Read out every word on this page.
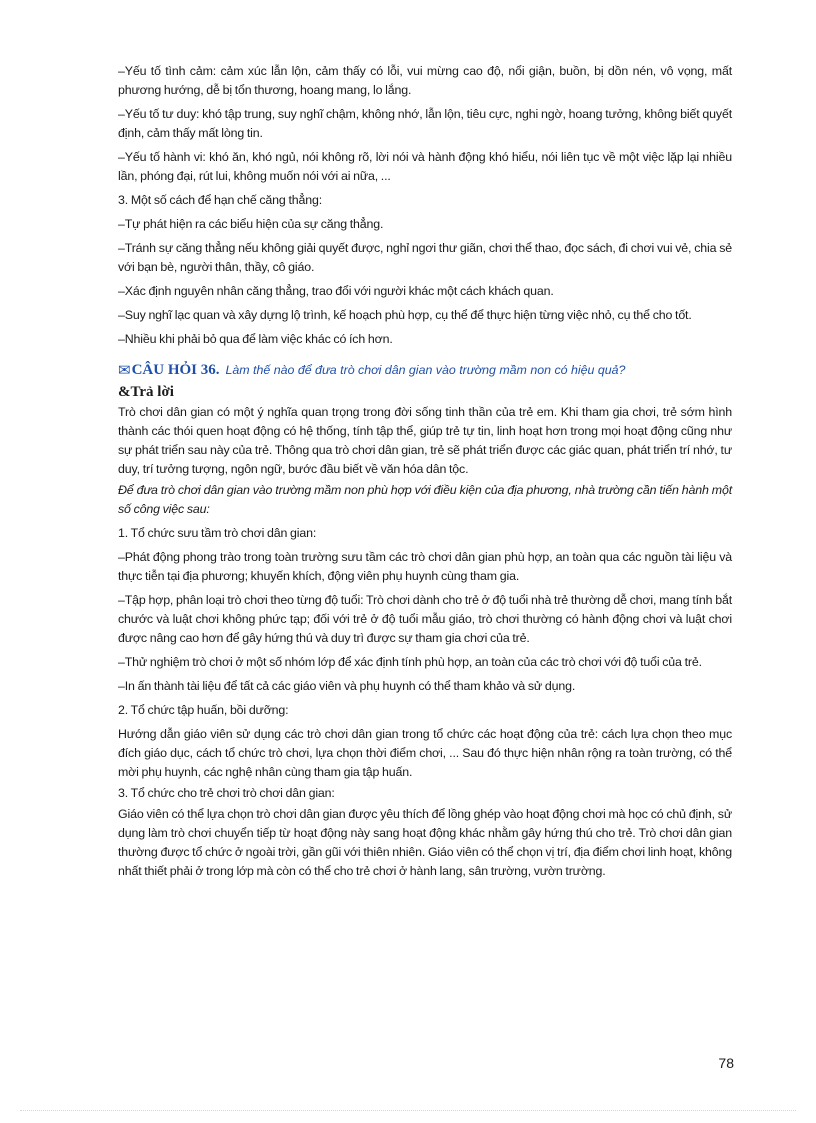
– Yếu tố tình cảm: cảm xúc lẫn lộn, cảm thấy có lỗi, vui mừng cao độ, nổi giận, buồn, bị dồn nén, vô vọng, mất phương hướng, dễ bị tổn thương, hoang mang, lo lắng.

– Yếu tố tư duy: khó tập trung, suy nghĩ chậm, không nhớ, lẫn lộn, tiêu cực, nghi ngờ, hoang tưởng, không biết quyết định, cảm thấy mất lòng tin.

– Yếu tố hành vi: khó ăn, khó ngủ, nói không rõ, lời nói và hành động khó hiểu, nói liên tục về một việc lặp lại nhiều lần, phóng đại, rút lui, không muốn nói với ai nữa, ...

3. Một số cách để hạn chế căng thẳng:

– Tự phát hiện ra các biểu hiện của sự căng thẳng.

– Tránh sự căng thẳng nếu không giải quyết được, nghỉ ngơi thư giãn, chơi thể thao, đọc sách, đi chơi vui vẻ, chia sẻ với bạn bè, người thân, thầy, cô giáo.

– Xác định nguyên nhân căng thẳng, trao đổi với người khác một cách khách quan.

– Suy nghĩ lạc quan và xây dựng lộ trình, kế hoạch phù hợp, cụ thể để thực hiện từng việc nhỏ, cụ thể cho tốt.

– Nhiều khi phải bỏ qua để làm việc khác có ích hơn.

✉ CÂU HỎI 36. Làm thế nào để đưa trò chơi dân gian vào trường mầm non có hiệu quả?
& Trả lời

Trò chơi dân gian có một ý nghĩa quan trọng trong đời sống tinh thần của trẻ em. Khi tham gia chơi, trẻ sớm hình thành các thói quen hoạt động có hệ thống, tính tập thể, giúp trẻ tự tin, linh hoạt hơn trong mọi hoạt động cũng như sự phát triển sau này của trẻ. Thông qua trò chơi dân gian, trẻ sẽ phát triển được các giác quan, phát triển trí nhớ, tư duy, trí tưởng tượng, ngôn ngữ, bước đầu biết về văn hóa dân tộc.

Để đưa trò chơi dân gian vào trường mầm non phù hợp với điều kiện của địa phương, nhà trường cần tiến hành một số công việc sau:

1. Tổ chức sưu tầm trò chơi dân gian:

– Phát động phong trào trong toàn trường sưu tầm các trò chơi dân gian phù hợp, an toàn qua các nguồn tài liệu và thực tiễn tại địa phương; khuyến khích, động viên phụ huynh cùng tham gia.

– Tập hợp, phân loại trò chơi theo từng độ tuổi: Trò chơi dành cho trẻ ở độ tuổi nhà trẻ thường dễ chơi, mang tính bắt chước và luật chơi không phức tạp; đối với trẻ ở độ tuổi mẫu giáo, trò chơi thường có hành động chơi và luật chơi được nâng cao hơn để gây hứng thú và duy trì được sự tham gia chơi của trẻ.

– Thử nghiệm trò chơi ở một số nhóm lớp để xác định tính phù hợp, an toàn của các trò chơi với độ tuổi của trẻ.

– In ấn thành tài liệu để tất cả các giáo viên và phụ huynh có thể tham khảo và sử dụng.

2. Tổ chức tập huấn, bồi dưỡng:

Hướng dẫn giáo viên sử dụng các trò chơi dân gian trong tổ chức các hoạt động của trẻ: cách lựa chọn theo mục đích giáo dục, cách tổ chức trò chơi, lựa chọn thời điểm chơi, ... Sau đó thực hiện nhân rộng ra toàn trường, có thể mời phụ huynh, các nghệ nhân cùng tham gia tập huấn.

3. Tổ chức cho trẻ chơi trò chơi dân gian:

Giáo viên có thể lựa chọn trò chơi dân gian được yêu thích để lồng ghép vào hoạt động chơi mà học có chủ định, sử dụng làm trò chơi chuyển tiếp từ hoạt động này sang hoạt động khác nhằm gây hứng thú cho trẻ. Trò chơi dân gian thường được tổ chức ở ngoài trời, gần gũi với thiên nhiên. Giáo viên có thể chọn vị trí, địa điểm chơi linh hoạt, không nhất thiết phải ở trong lớp mà còn có thể cho trẻ chơi ở hành lang, sân trường, vườn trường.

78
